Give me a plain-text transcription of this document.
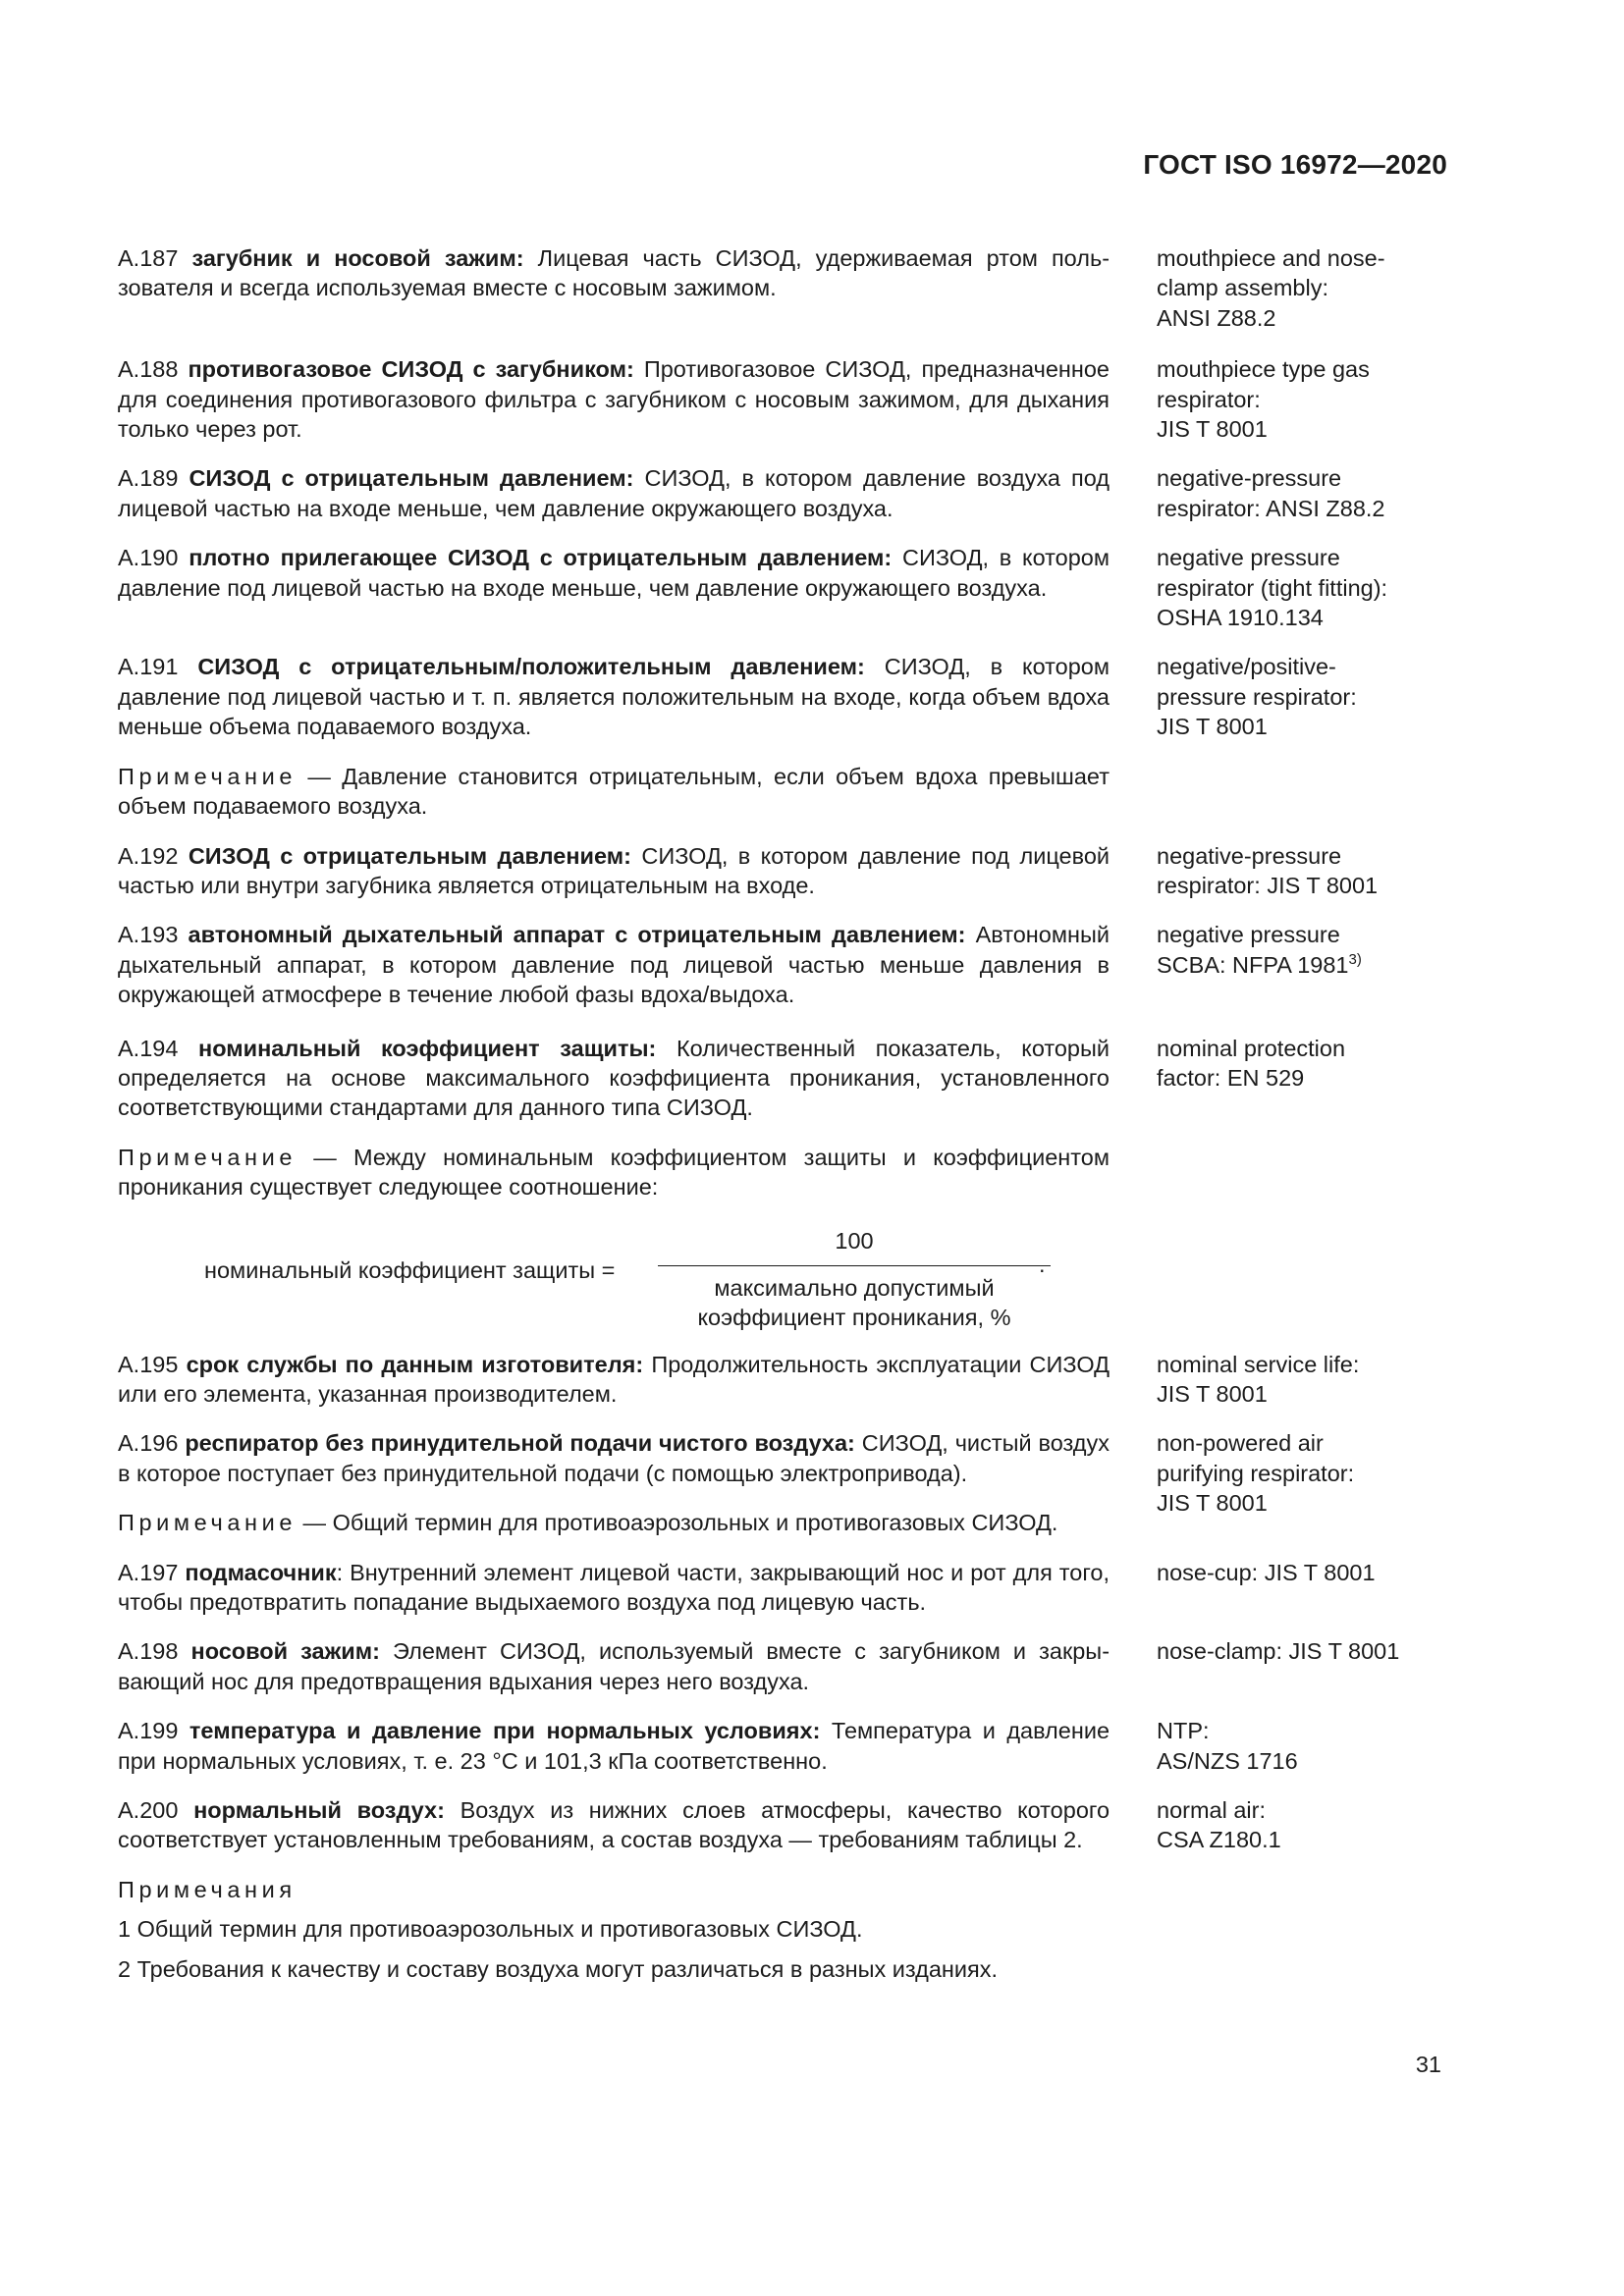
ГОСТ ISO 16972—2020
A.187 загубник и носовой зажим: Лицевая часть СИЗОД, удерживаемая ртом пользователя и всегда используемая вместе с носовым зажимом.
mouthpiece and nose-
clamp assembly:
ANSI Z88.2
A.188 противогазовое СИЗОД с загубником: Противогазовое СИЗОД, предназначенное для соединения противогазового фильтра с загубником с носовым зажимом, для дыхания только через рот.
mouthpiece type gas
respirator:
JIS T 8001
A.189 СИЗОД с отрицательным давлением: СИЗОД, в котором давление воздуха под лицевой частью на входе меньше, чем давление окружающего воздуха.
negative-pressure
respirator: ANSI Z88.2
A.190 плотно прилегающее СИЗОД с отрицательным давлением: СИЗОД, в котором давление под лицевой частью на входе меньше, чем давление окружающего воздуха.
negative pressure
respirator (tight fitting):
OSHA 1910.134
A.191 СИЗОД с отрицательным/положительным давлением: СИЗОД, в котором давление под лицевой частью и т. п. является положительным на входе, когда объем вдоха меньше объема подаваемого воздуха.
negative/positive-
pressure respirator:
JIS T 8001
Примечание — Давление становится отрицательным, если объем вдоха превышает объем подаваемого воздуха.
A.192 СИЗОД с отрицательным давлением: СИЗОД, в котором давление под лицевой частью или внутри загубника является отрицательным на входе.
negative-pressure
respirator: JIS T 8001
A.193 автономный дыхательный аппарат с отрицательным давлением: Автономный дыхательный аппарат, в котором давление под лицевой частью меньше давления в окружающей атмосфере в течение любой фазы вдоха/выдоха.
negative pressure
SCBA: NFPA 1981$^{3)}$
A.194 номинальный коэффициент защиты: Количественный показатель, который определяется на основе максимального коэффициента проникания, установленного соответствующими стандартами для данного типа СИЗОД.
nominal protection
factor: EN 529
Примечание — Между номинальным коэффициентом защиты и коэффициентом проникания существует следующее соотношение:
номинальный коэффициент защиты =
100
.
максимально допустимый
коэффициент проникания, %
A.195 срок службы по данным изготовителя: Продолжительность эксплуатации СИЗОД или его элемента, указанная производителем.
nominal service life:
JIS T 8001
A.196 респиратор без принудительной подачи чистого воздуха: СИЗОД, чистый воздух в которое поступает без принудительной подачи (с помощью электропривода).
Примечание — Общий термин для противоаэрозольных и противогазовых СИЗОД.
non-powered air
purifying respirator:
JIS T 8001
A.197 подмасочник: Внутренний элемент лицевой части, закрывающий нос и рот для того, чтобы предотвратить попадание выдыхаемого воздуха под лицевую часть.
nose-cup: JIS T 8001
A.198 носовой зажим: Элемент СИЗОД, используемый вместе с загубником и закрывающий нос для предотвращения вдыхания через него воздуха.
nose-clamp: JIS T 8001
A.199 температура и давление при нормальных условиях: Температура и давление при нормальных условиях, т. е. 23 °С и 101,3 кПа соответственно.
NTP:
AS/NZS 1716
A.200 нормальный воздух: Воздух из нижних слоев атмосферы, качество которого соответствует установленным требованиям, а состав воздуха — требованиям таблицы 2.
normal air:
CSA Z180.1
Примечания
1 Общий термин для противоаэрозольных и противогазовых СИЗОД.
2 Требования к качеству и составу воздуха могут различаться в разных изданиях.
31
